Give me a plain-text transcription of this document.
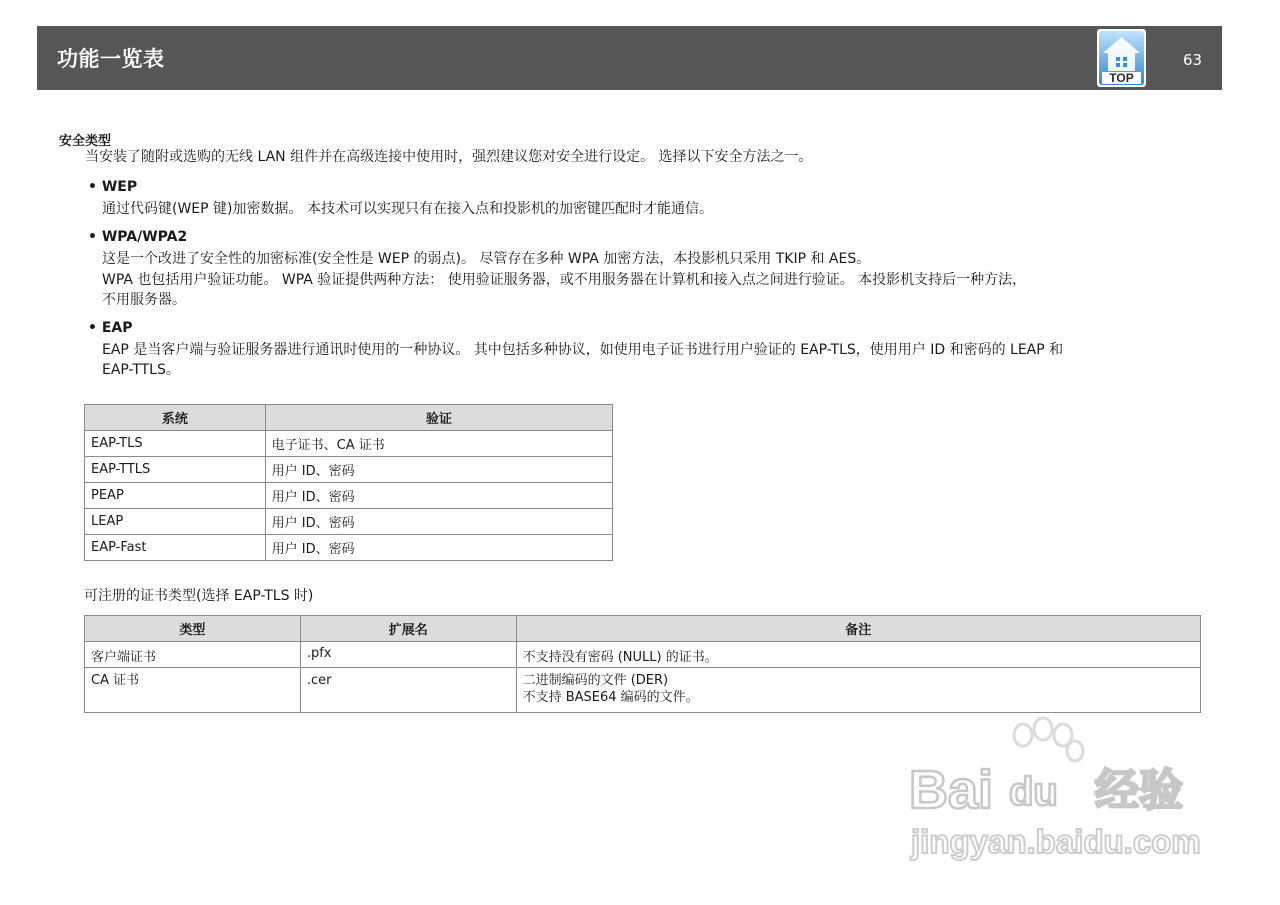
功能一览表
TOP
63
安全类型
当安装了随附或选购的无线 LAN 组件并在高级连接中使用时，强烈建议您对安全进行设定。 选择以下安全方法之一。
• WEP
通过代码键(WEP 键)加密数据。 本技术可以实现只有在接入点和投影机的加密键匹配时才能通信。
• WPA/WPA2
这是一个改进了安全性的加密标准(安全性是 WEP 的弱点)。 尽管存在多种 WPA 加密方法，本投影机只采用 TKIP 和 AES。
WPA 也包括用户验证功能。 WPA 验证提供两种方法： 使用验证服务器，或不用服务器在计算机和接入点之间进行验证。 本投影机支持后一种方法，
不用服务器。
• EAP
EAP 是当客户端与验证服务器进行通讯时使用的一种协议。 其中包括多种协议，如使用电子证书进行用户验证的 EAP-TLS，使用用户 ID 和密码的 LEAP 和
EAP-TTLS。
系统	验证
EAP-TLS	电子证书、CA 证书
EAP-TTLS	用户 ID、密码
PEAP	用户 ID、密码
LEAP	用户 ID、密码
EAP-Fast	用户 ID、密码
可注册的证书类型(选择 EAP-TLS 时)
类型	扩展名	备注
客户端证书	.pfx	不支持没有密码 (NULL) 的证书。
CA 证书	.cer	二进制编码的文件 (DER)
不支持 BASE64 编码的文件。
Bai du 经验
jingyan.baidu.com
